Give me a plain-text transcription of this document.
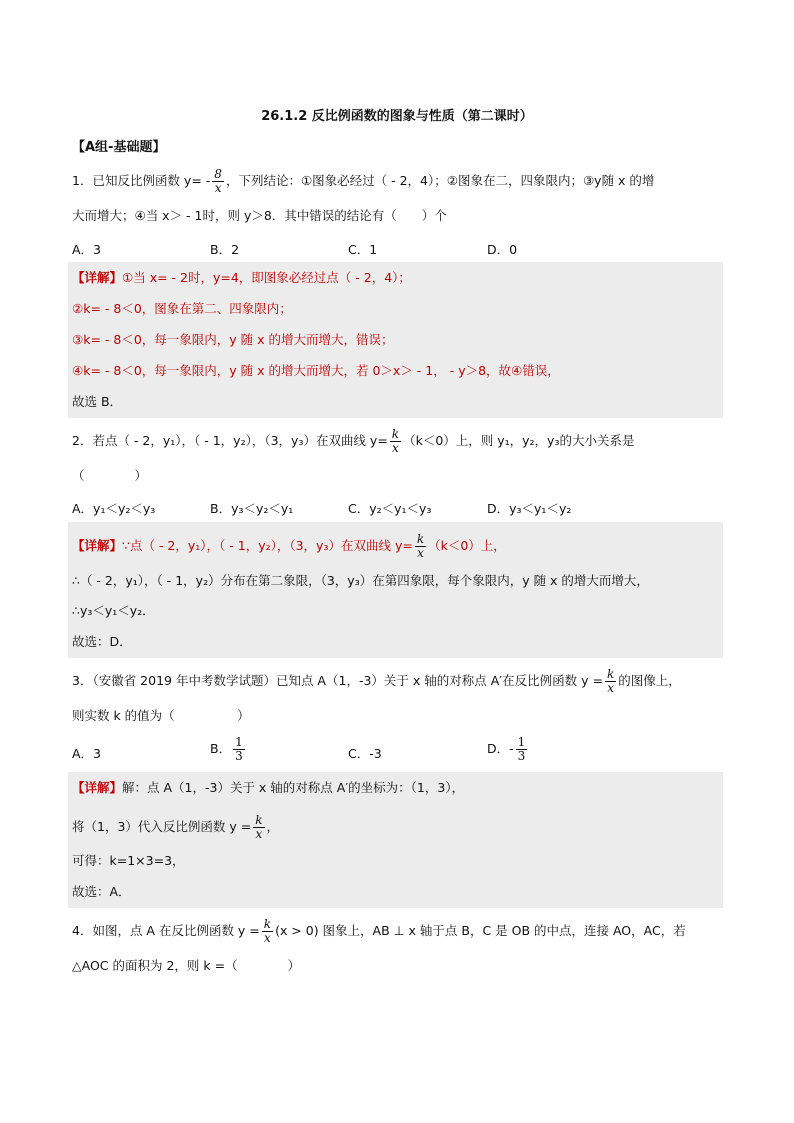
26.1.2 反比例函数的图象与性质（第二课时）
【A组-基础题】
1．已知反比例函数 $y= - \frac{8}{x}$ ，下列结论：①图象必经过（ - 2，4）；②图象在二，四象限内；③y随 x 的增
大而增大；④当 x＞ - 1时，则 y＞8．其中错误的结论有（　　）个
A．3	B．2	C．1	D．0
【详解】①当 x= - 2时，y=4，即图象必经过点（ - 2，4）；
②k= - 8＜0，图象在第二、四象限内；
③k= - 8＜0，每一象限内，y 随 x 的增大而增大，错误；
④k= - 8＜0，每一象限内，y 随 x 的增大而增大，若 0＞x＞ - 1， - y＞8，故④错误，
故选 B．
2．若点（ - 2，y₁），（ - 1，y₂），（3，y₃）在双曲线 $y= \frac{k}{x} (k<0)$上，则 y₁，y₂，y₃的大小关系是
（　　　　）
A．y₁＜y₂＜y₃	B．y₃＜y₂＜y₁	C．y₂＜y₁＜y₃	D．y₃＜y₁＜y₂
【详解】∵点（ - 2，y₁），（ - 1，y₂），（3，y₃）在双曲线 $y= \frac{k}{x} (k<0)$上，
∴（ - 2，y₁），（ - 1，y₂）分布在第二象限，（3，y₃）在第四象限，每个象限内，y 随 x 的增大而增大，
∴y₃＜y₁＜y₂．
故选：D．
3．（安徽省 2019 年中考数学试题）已知点 A（1，-3）关于 x 轴的对称点 A′在反比例函数 $y = \frac{k}{x}$ 的图像上，
则实数 k 的值为（　　　　　）
A．3	B． $\frac{1}{3}$	C．-3	D．- $\frac{1}{3}$
【详解】解：点 A（1，-3）关于 x 轴的对称点 A′的坐标为：（1，3），
将（1，3）代入反比例函数 $y = \frac{k}{x}$ ，
可得：k=1×3=3，
故选：A．
4．如图，点 A 在反比例函数 $y = \frac{k}{x} (x > 0)$ 图象上，AB ⊥ x 轴于点 B，C 是 OB 的中点，连接 AO，AC，若
△AOC 的面积为 2，则 k =（　　　　）
